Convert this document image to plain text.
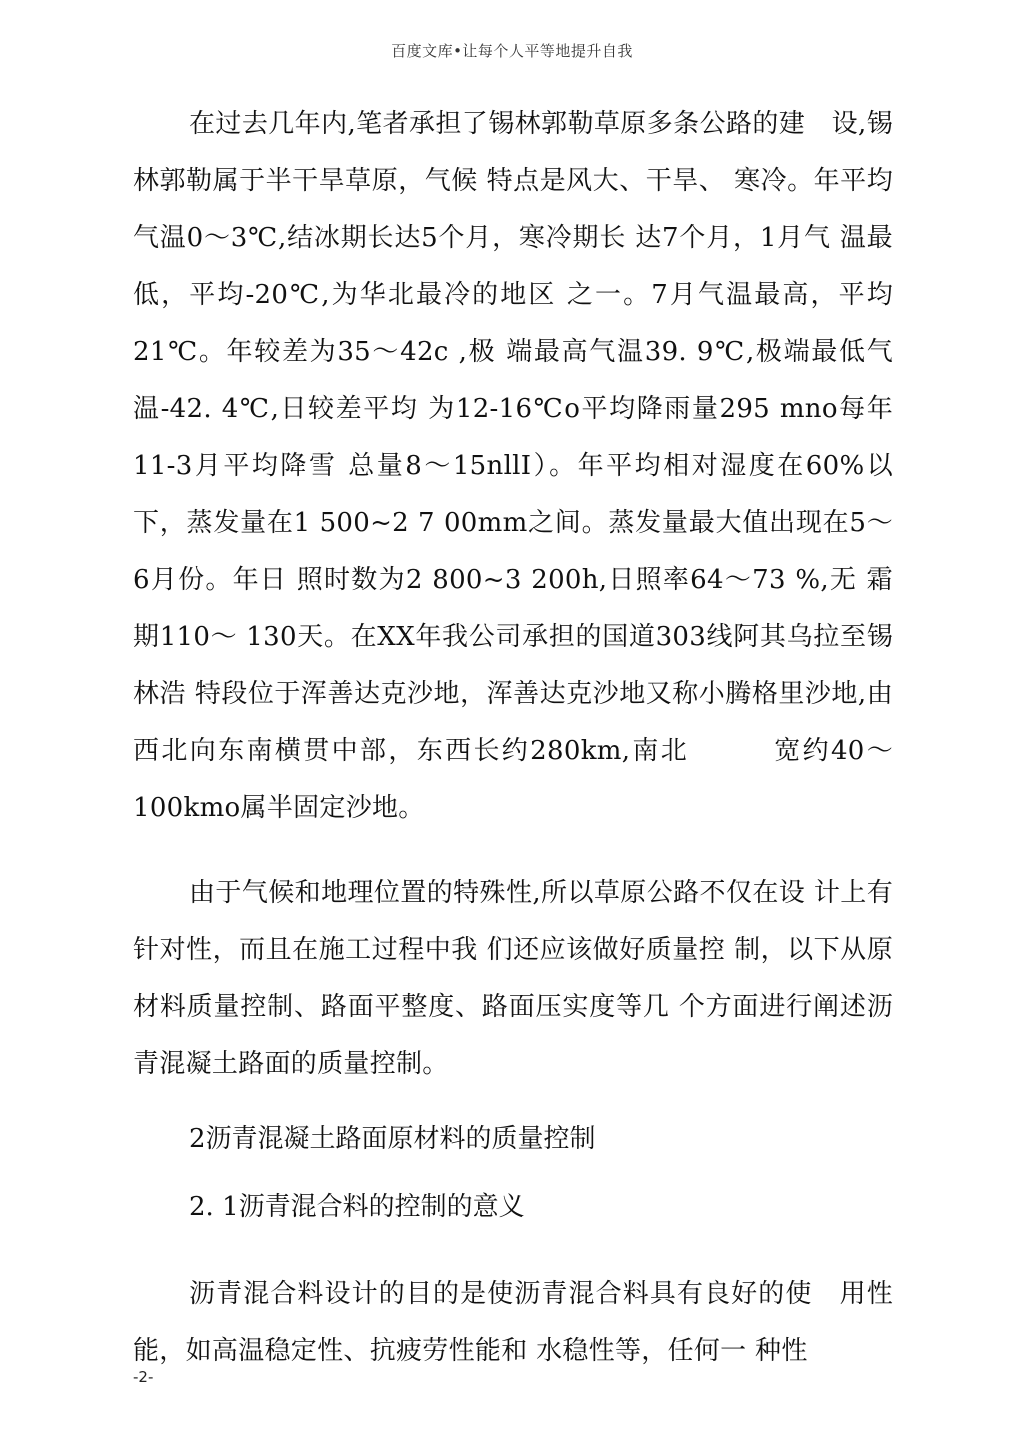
百度文库•让每个人平等地提升自我

在过去几年内,笔者承担了锡林郭勒草原多条公路的建　设,锡林郭勒属于半干旱草原，气候 特点是风大、干旱、 寒冷。年平均气温0〜3℃,结冰期长达5个月，寒冷期长 达7个月，1月气 温最低，平均-20℃,为华北最冷的地区 之一。7月气温最高，平均21℃。年较差为35〜42c ,极 端最高气温39. 9℃,极端最低气温-42. 4℃,日较差平均 为12-16℃o平均降雨量295 mno每年11-3月平均降雪 总量8〜15nllI）。年平均相对湿度在60%以下，蒸发量在1 500~2 7 00mm之间。蒸发量最大值出现在5〜6月份。年日 照时数为2 800~3 200h,日照率64〜73 %,无 霜期110〜 130天。在XX年我公司承担的国道303线阿其乌拉至锡林浩 特段位于浑善达克沙地，浑善达克沙地又称小腾格里沙地,由西北向东南横贯中部，东西长约280km,南北　　　宽约40〜100kmo属半固定沙地。

由于气候和地理位置的特殊性,所以草原公路不仅在设 计上有针对性，而且在施工过程中我 们还应该做好质量控 制，以下从原材料质量控制、路面平整度、路面压实度等几 个方面进行阐述沥青混凝土路面的质量控制。

2沥青混凝土路面原材料的质量控制

2. 1沥青混合料的控制的意义

沥青混合料设计的目的是使沥青混合料具有良好的使　用性能，如高温稳定性、抗疲劳性能和 水稳性等，任何一 种性

-2-
